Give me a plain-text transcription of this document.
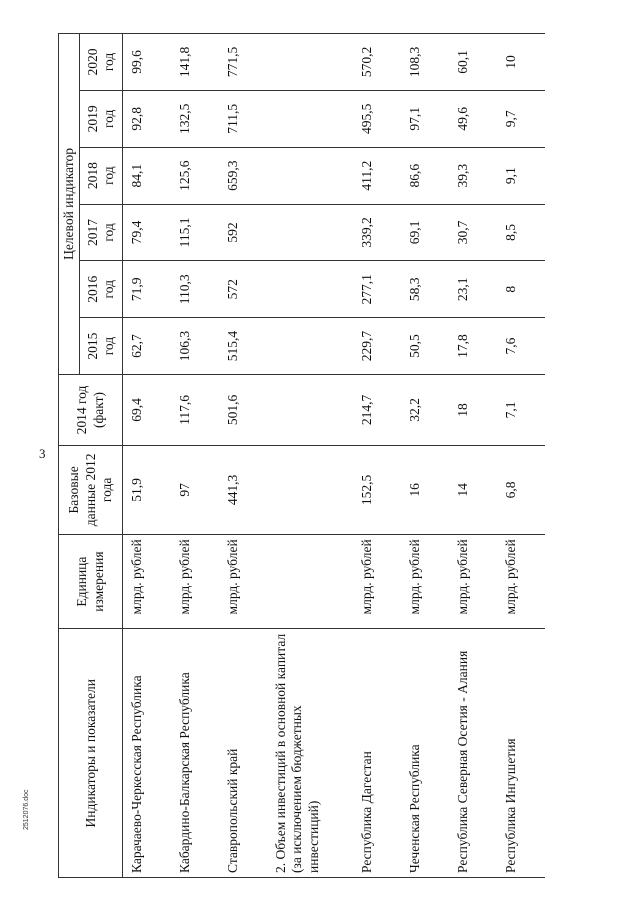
3
Индикаторы и показатели	Единица измерения	Базовые данные 2012 года	2014 год (факт)	Целевой индикатор					
				2015 год	2016 год	2017 год	2018 год	2019 год	2020 год
Карачаево-Черкесская Республика	млрд. рублей	51,9	69,4	62,7	71,9	79,4	84,1	92,8	99,6
Кабардино-Балкарская Республика	млрд. рублей	97	117,6	106,3	110,3	115,1	125,6	132,5	141,8
Ставропольский край	млрд. рублей	441,3	501,6	515,4	572	592	659,3	711,5	771,5
2. Объем инвестиций в основной капитал (за исключением бюджетных инвестиций)									
Республика Дагестан	млрд. рублей	152,5	214,7	229,7	277,1	339,2	411,2	495,5	570,2
Чеченская Республика	млрд. рублей	16	32,2	50,5	58,3	69,1	86,6	97,1	108,3
Республика Северная Осетия - Алания	млрд. рублей	14	18	17,8	23,1	30,7	39,3	49,6	60,1
Республика Ингушетия	млрд. рублей	6,8	7,1	7,6	8	8,5	9,1	9,7	10
2512076.doc
